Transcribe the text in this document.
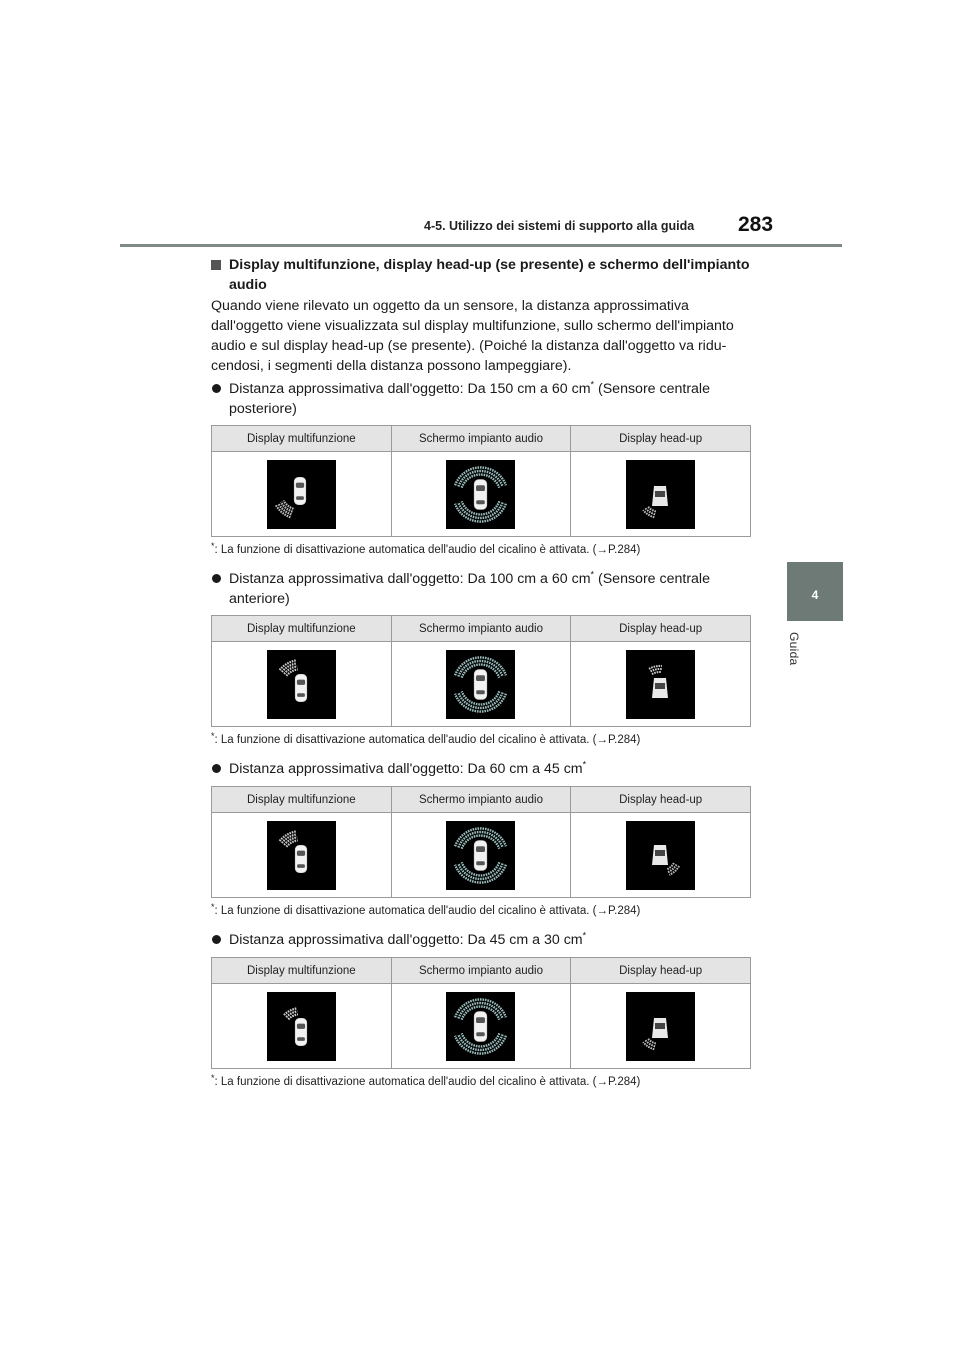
4-5. Utilizzo dei sistemi di supporto alla guida 283
4
Guida
Display multifunzione, display head-up (se presente) e schermo dell'impianto audio
Quando viene rilevato un oggetto da un sensore, la distanza approssimativa dall'oggetto viene visualizzata sul display multifunzione, sullo schermo dell'impianto audio e sul display head-up (se presente). (Poiché la distanza dall'oggetto va ridu-cendosi, i segmenti della distanza possono lampeggiare).
Distanza approssimativa dall'oggetto: Da 150 cm a 60 cm* (Sensore centrale posteriore)
Display multifunzione	Schermo impianto audio	Display head-up

*: La funzione di disattivazione automatica dell'audio del cicalino è attivata. (→P.284)
Distanza approssimativa dall'oggetto: Da 100 cm a 60 cm* (Sensore centrale anteriore)
Display multifunzione	Schermo impianto audio	Display head-up

*: La funzione di disattivazione automatica dell'audio del cicalino è attivata. (→P.284)
Distanza approssimativa dall'oggetto: Da 60 cm a 45 cm*
Display multifunzione	Schermo impianto audio	Display head-up

*: La funzione di disattivazione automatica dell'audio del cicalino è attivata. (→P.284)
Distanza approssimativa dall'oggetto: Da 45 cm a 30 cm*
Display multifunzione	Schermo impianto audio	Display head-up

*: La funzione di disattivazione automatica dell'audio del cicalino è attivata. (→P.284)
